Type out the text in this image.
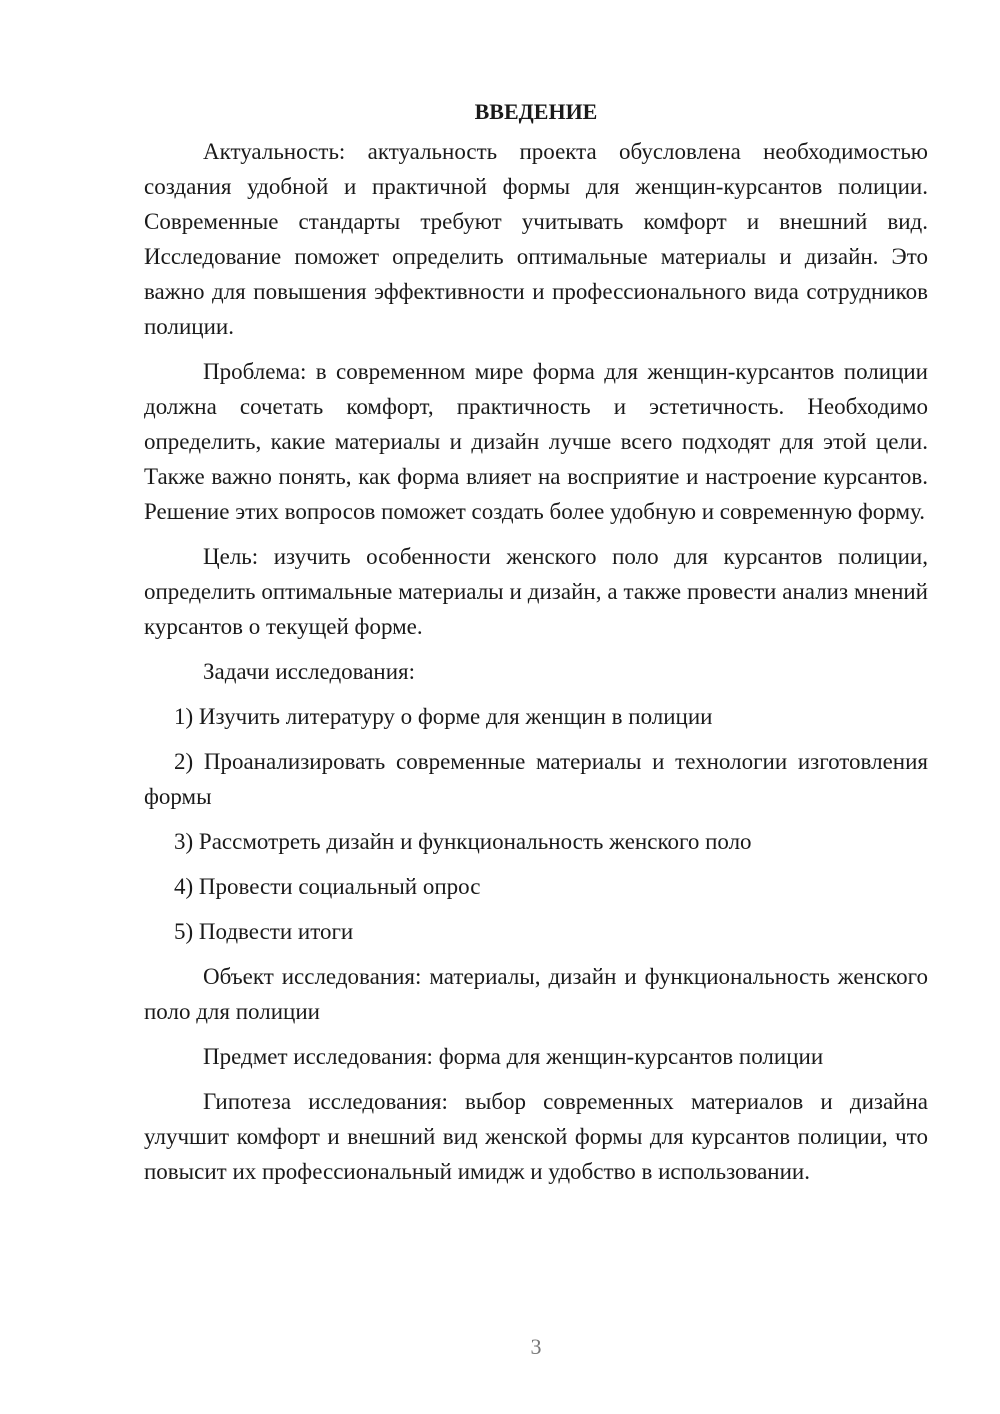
ВВЕДЕНИЕ

Актуальность: актуальность проекта обусловлена необходимостью создания удобной и практичной формы для женщин-курсантов полиции. Современные стандарты требуют учитывать комфорт и внешний вид. Исследование поможет определить оптимальные материалы и дизайн. Это важно для повышения эффективности и профессионального вида сотрудников полиции.

Проблема: в современном мире форма для женщин-курсантов полиции должна сочетать комфорт, практичность и эстетичность. Необходимо определить, какие материалы и дизайн лучше всего подходят для этой цели. Также важно понять, как форма влияет на восприятие и настроение курсантов. Решение этих вопросов поможет создать более удобную и современную форму.

Цель: изучить особенности женского поло для курсантов полиции, определить оптимальные материалы и дизайн, а также провести анализ мнений курсантов о текущей форме.

Задачи исследования:

1) Изучить литературу о форме для женщин в полиции

2) Проанализировать современные материалы и технологии изготовления формы

3) Рассмотреть дизайн и функциональность женского поло

4) Провести социальный опрос

5) Подвести итоги

Объект исследования: материалы, дизайн и функциональность женского поло для полиции

Предмет исследования: форма для женщин-курсантов полиции

Гипотеза исследования: выбор современных материалов и дизайна улучшит комфорт и внешний вид женской формы для курсантов полиции, что повысит их профессиональный имидж и удобство в использовании.

3
